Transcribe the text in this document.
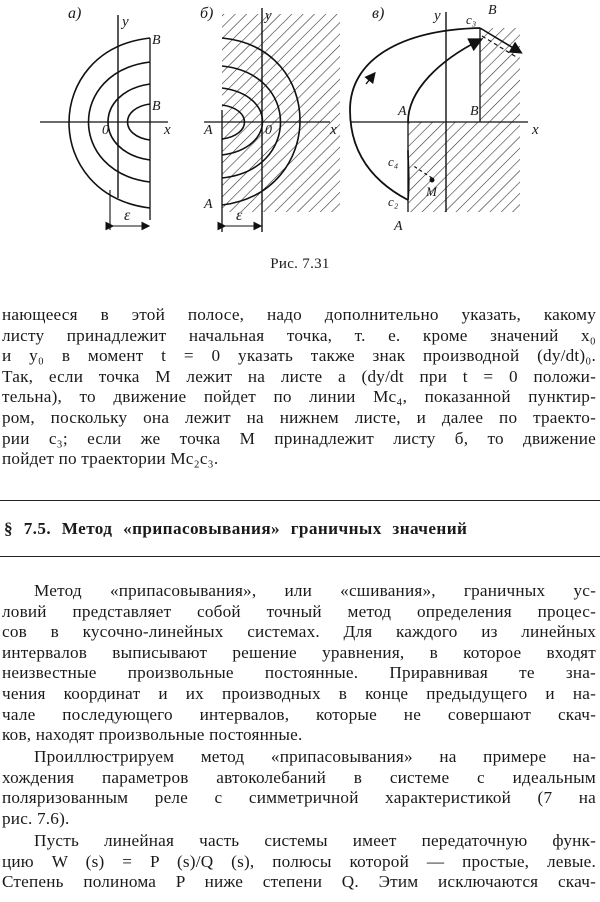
а)	y
x
0
B
B
ε
б)	y
x
0
A
A
ε
в)	y
x
B
c₃
B
A
c₄
M
c₂
A
Рис. 7.31
нающееся в этой полосе, надо дополнительно указать, какому
листу принадлежит начальная точка, т. е. кроме значений x₀
и y₀ в момент t = 0 указать также знак производной (dy/dt)₀.
Так, если точка M лежит на листе a (dy/dt при t = 0 положи-
тельна), то движение пойдет по линии Mc₄, показанной пунктир-
ром, поскольку она лежит на нижнем листе, и далее по траекто-
рии c₃; если же точка M принадлежит листу б, то движение
пойдет по траектории Mc₂c₃.
§ 7.5. Метод «припасовывания» граничных значений
Метод «припасовывания», или «сшивания», граничных ус-
ловий представляет собой точный метод определения процес-
сов в кусочно-линейных системах. Для каждого из линейных
интервалов выписывают решение уравнения, в которое входят
неизвестные произвольные постоянные. Приравнивая те зна-
чения координат и их производных в конце предыдущего и на-
чале последующего интервалов, которые не совершают скач-
ков, находят произвольные постоянные.
Проиллюстрируем метод «припасовывания» на примере на-
хождения параметров автоколебаний в системе с идеальным
поляризованным реле с симметричной характеристикой (7 на
рис. 7.6).
Пусть линейная часть системы имеет передаточную функ-
цию W (s) = P (s)/Q (s), полюсы которой — простые, левые.
Степень полинома P ниже степени Q. Этим исключаются скач-
